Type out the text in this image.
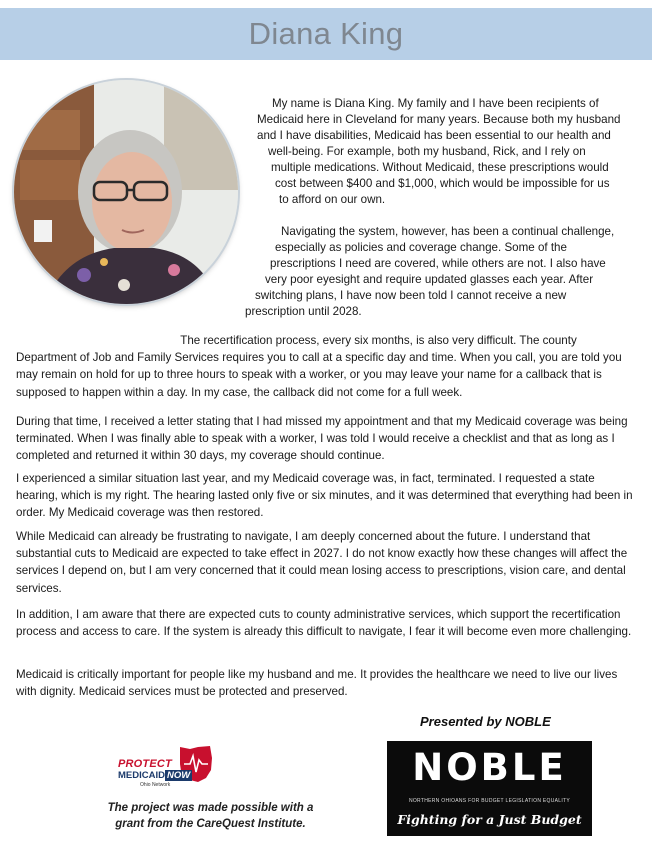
Diana King
My name is Diana King. My family and I have been recipients of
Medicaid here in Cleveland for many years. Because both my husband
and I have disabilities, Medicaid has been essential to our health and
well-being. For example, both my husband, Rick, and I rely on
multiple medications. Without Medicaid, these prescriptions would
cost between $400 and $1,000, which would be impossible for us
to afford on our own.
Navigating the system, however, has been a continual challenge,
especially as policies and coverage change. Some of the
prescriptions I need are covered, while others are not. I also have
very poor eyesight and require updated glasses each year. After
switching plans, I have now been told I cannot receive a new
prescription until 2028.

The recertification process, every six months, is also very difficult. The county Department of Job and Family Services requires you to call at a specific day and time. When you call, you are told you may remain on hold for up to three hours to speak with a worker, or you may leave your name for a callback that is supposed to happen within a day. In my case, the callback did not come for a full week.

During that time, I received a letter stating that I had missed my appointment and that my Medicaid coverage was being terminated. When I was finally able to speak with a worker, I was told I would receive a checklist and that as long as I completed and returned it within 30 days, my coverage should continue.

I experienced a similar situation last year, and my Medicaid coverage was, in fact, terminated. I requested a state hearing, which is my right. The hearing lasted only five or six minutes, and it was determined that everything had been in order. My Medicaid coverage was then restored.

While Medicaid can already be frustrating to navigate, I am deeply concerned about the future. I understand that substantial cuts to Medicaid are expected to take effect in 2027. I do not know exactly how these changes will affect the services I depend on, but I am very concerned that it could mean losing access to prescriptions, vision care, and dental services.

In addition, I am aware that there are expected cuts to county administrative services, which support the recertification process and access to care. If the system is already this difficult to navigate, I fear it will become even more challenging.

Medicaid is critically important for people like my husband and me. It provides the healthcare we need to live our lives with dignity. Medicaid services must be protected and preserved.

Presented by NOBLE
NOBLE
NORTHERN OHIOANS FOR BUDGET LEGISLATION EQUALITY
Fighting for a Just Budget
PROTECT
MEDICAID NOW
Ohio Network
The project was made possible with a
grant from the CareQuest Institute.
